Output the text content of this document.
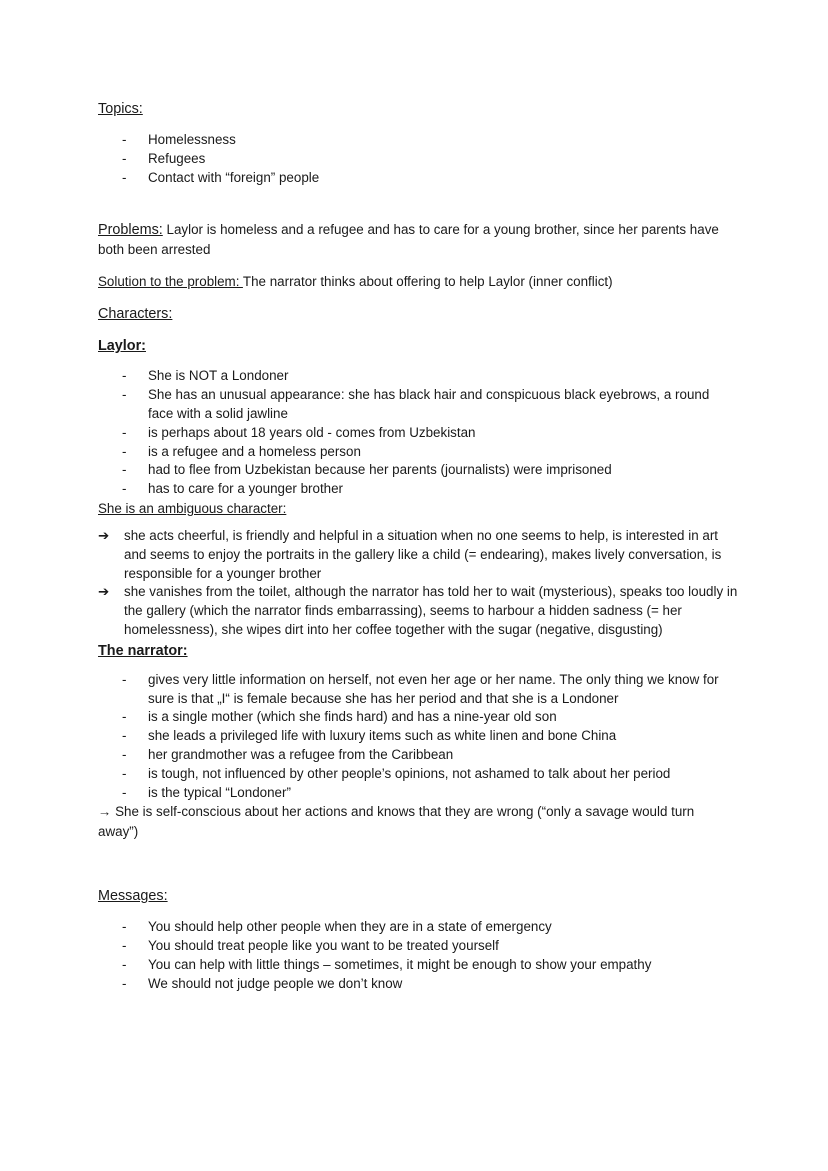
Topics:
- Homelessness
- Refugees
- Contact with “foreign” people
Problems: Laylor is homeless and a refugee and has to care for a young brother, since her parents have both been arrested
Solution to the problem: The narrator thinks about offering to help Laylor (inner conflict)
Characters:
Laylor:
- She is NOT a Londoner
- She has an unusual appearance: she has black hair and conspicuous black eyebrows, a round face with a solid jawline
- is perhaps about 18 years old - comes from Uzbekistan
- is a refugee and a homeless person
- had to flee from Uzbekistan because her parents (journalists) were imprisoned
- has to care for a younger brother
She is an ambiguous character:
➔ she acts cheerful, is friendly and helpful in a situation when no one seems to help, is interested in art and seems to enjoy the portraits in the gallery like a child (= endearing), makes lively conversation, is responsible for a younger brother
➔ she vanishes from the toilet, although the narrator has told her to wait (mysterious), speaks too loudly in the gallery (which the narrator finds embarrassing), seems to harbour a hidden sadness (= her homelessness), she wipes dirt into her coffee together with the sugar (negative, disgusting)
The narrator:
- gives very little information on herself, not even her age or her name. The only thing we know for sure is that „I“ is female because she has her period and that she is a Londoner
- is a single mother (which she finds hard) and has a nine-year old son
- she leads a privileged life with luxury items such as white linen and bone China
- her grandmother was a refugee from the Caribbean
- is tough, not influenced by other people’s opinions, not ashamed to talk about her period
- is the typical “Londoner”
→ She is self-conscious about her actions and knows that they are wrong (“only a savage would turn away”)
Messages:
- You should help other people when they are in a state of emergency
- You should treat people like you want to be treated yourself
- You can help with little things – sometimes, it might be enough to show your empathy
- We should not judge people we don’t know
